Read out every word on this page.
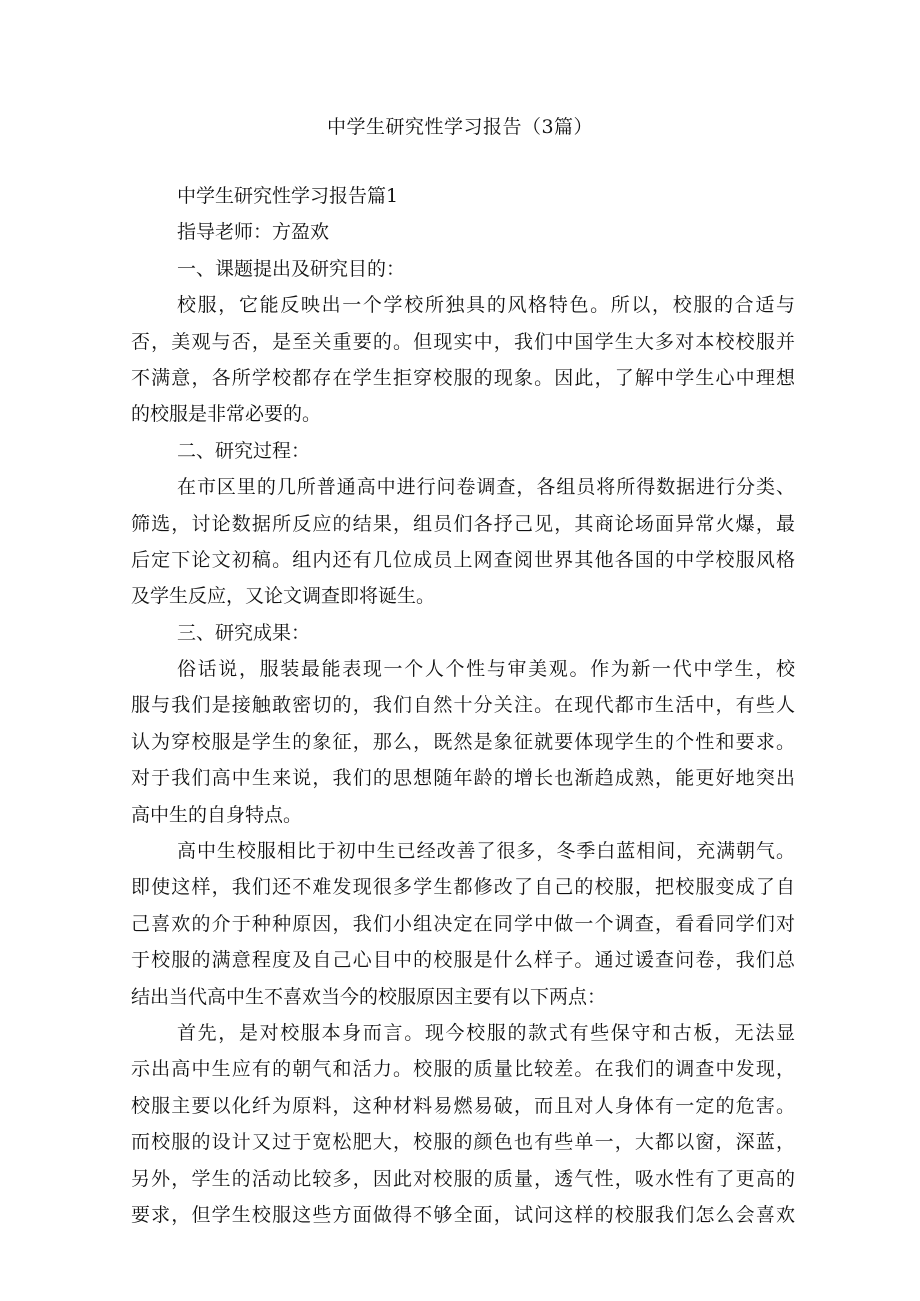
中学生研究性学习报告（3篇）
中学生研究性学习报告篇1
指导老师：方盈欢
一、课题提出及研究目的：
校服，它能反映出一个学校所独具的风格特色。所以，校服的合适与
否，美观与否，是至关重要的。但现实中，我们中国学生大多对本校校服并
不满意，各所学校都存在学生拒穿校服的现象。因此，了解中学生心中理想
的校服是非常必要的。
二、研究过程：
在市区里的几所普通高中进行问卷调查，各组员将所得数据进行分类、
筛选，讨论数据所反应的结果，组员们各抒己见，其商论场面异常火爆，最
后定下论文初稿。组内还有几位成员上网查阅世界其他各国的中学校服风格
及学生反应，又论文调查即将诞生。
三、研究成果：
俗话说，服装最能表现一个人个性与审美观。作为新一代中学生，校
服与我们是接触敢密切的，我们自然十分关注。在现代都市生活中，有些人
认为穿校服是学生的象征，那么，既然是象征就要体现学生的个性和要求。
对于我们高中生来说，我们的思想随年龄的增长也渐趋成熟，能更好地突出
高中生的自身特点。
高中生校服相比于初中生已经改善了很多，冬季白蓝相间，充满朝气。
即使这样，我们还不难发现很多学生都修改了自己的校服，把校服变成了自
己喜欢的介于种种原因，我们小组决定在同学中做一个调查，看看同学们对
于校服的满意程度及自己心目中的校服是什么样子。通过谖查问卷，我们总
结出当代高中生不喜欢当今的校服原因主要有以下两点：
首先，是对校服本身而言。现今校服的款式有些保守和古板，无法显
示出高中生应有的朝气和活力。校服的质量比较差。在我们的调查中发现，
校服主要以化纤为原料，这种材料易燃易破，而且对人身体有一定的危害。
而校服的设计又过于宽松肥大，校服的颜色也有些单一，大都以窗，深蓝，
另外，学生的活动比较多，因此对校服的质量，透气性，吸水性有了更高的
要求，但学生校服这些方面做得不够全面，试问这样的校服我们怎么会喜欢
